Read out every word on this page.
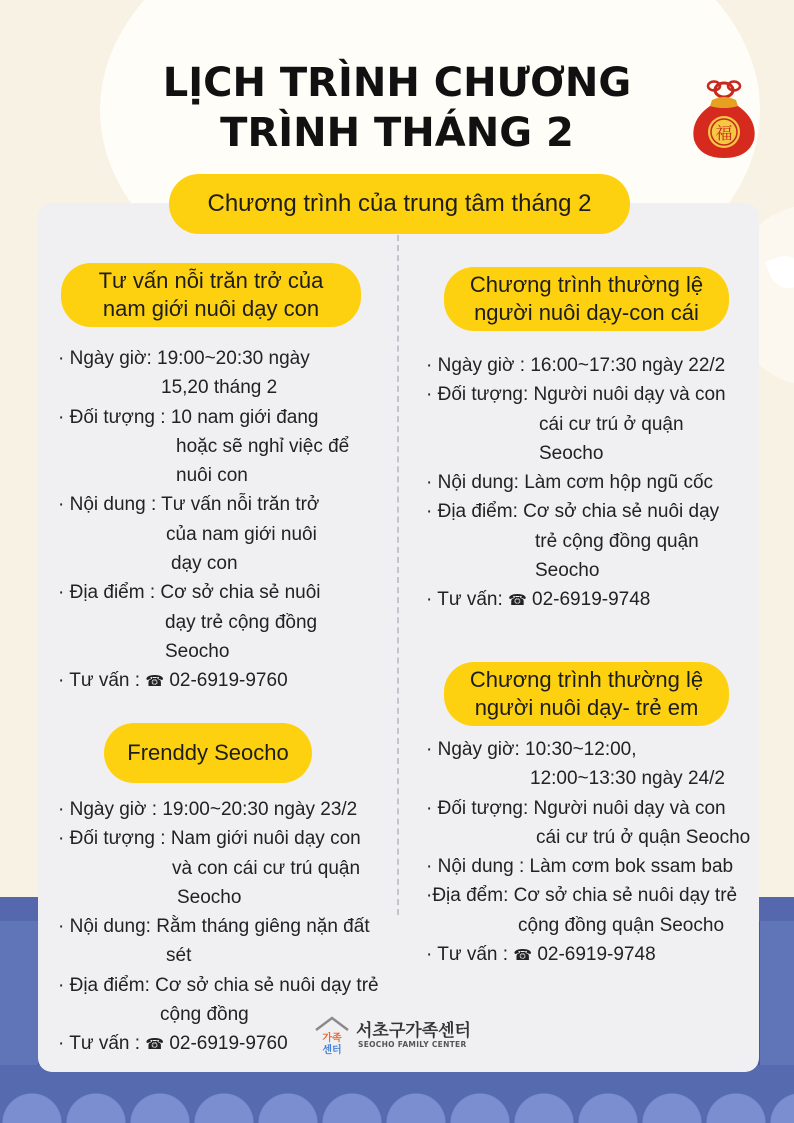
LỊCH TRÌNH CHƯƠNG
TRÌNH THÁNG 2	福
Chương trình của trung tâm tháng 2
Tư vấn nỗi trăn trở của
nam giới nuôi dạy con

· Ngày giờ: 19:00~20:30 ngày

15,20 tháng 2

· Đối tượng : 10 nam giới đang

hoặc sẽ nghỉ việc để

nuôi con

· Nội dung : Tư vấn nỗi trăn trở

của nam giới nuôi

dạy con

· Địa điểm : Cơ sở chia sẻ nuôi

dạy trẻ cộng đồng

Seocho

· Tư vấn : ☎ 02-6919-9760

Frenddy Seocho

· Ngày giờ : 19:00~20:30 ngày 23/2

· Đối tượng : Nam giới nuôi dạy con

và con cái cư trú quận

Seocho

· Nội dung: Rằm tháng giêng nặn đất

sét

· Địa điểm: Cơ sở chia sẻ nuôi dạy trẻ

cộng đồng

· Tư vấn : ☎ 02-6919-9760

Chương trình thường lệ
người nuôi dạy-con cái

· Ngày giờ : 16:00~17:30 ngày 22/2

· Đối tượng: Người nuôi dạy và con

cái cư trú ở quận

Seocho

· Nội dung: Làm cơm hộp ngũ cốc

· Địa điểm: Cơ sở chia sẻ nuôi dạy

trẻ cộng đồng quận

Seocho

· Tư vấn: ☎ 02-6919-9748

Chương trình thường lệ
người nuôi dạy- trẻ em

· Ngày giờ: 10:30~12:00,

12:00~13:30 ngày 24/2

· Đối tượng: Người nuôi dạy và con

cái cư trú ở quận Seocho

· Nội dung : Làm cơm bok ssam bab

·Địa đểm: Cơ sở chia sẻ nuôi dạy trẻ

cộng đồng quận Seocho

· Tư vấn : ☎ 02-6919-9748

가족
센터
서초구가족센터
SEOCHO FAMILY CENTER
